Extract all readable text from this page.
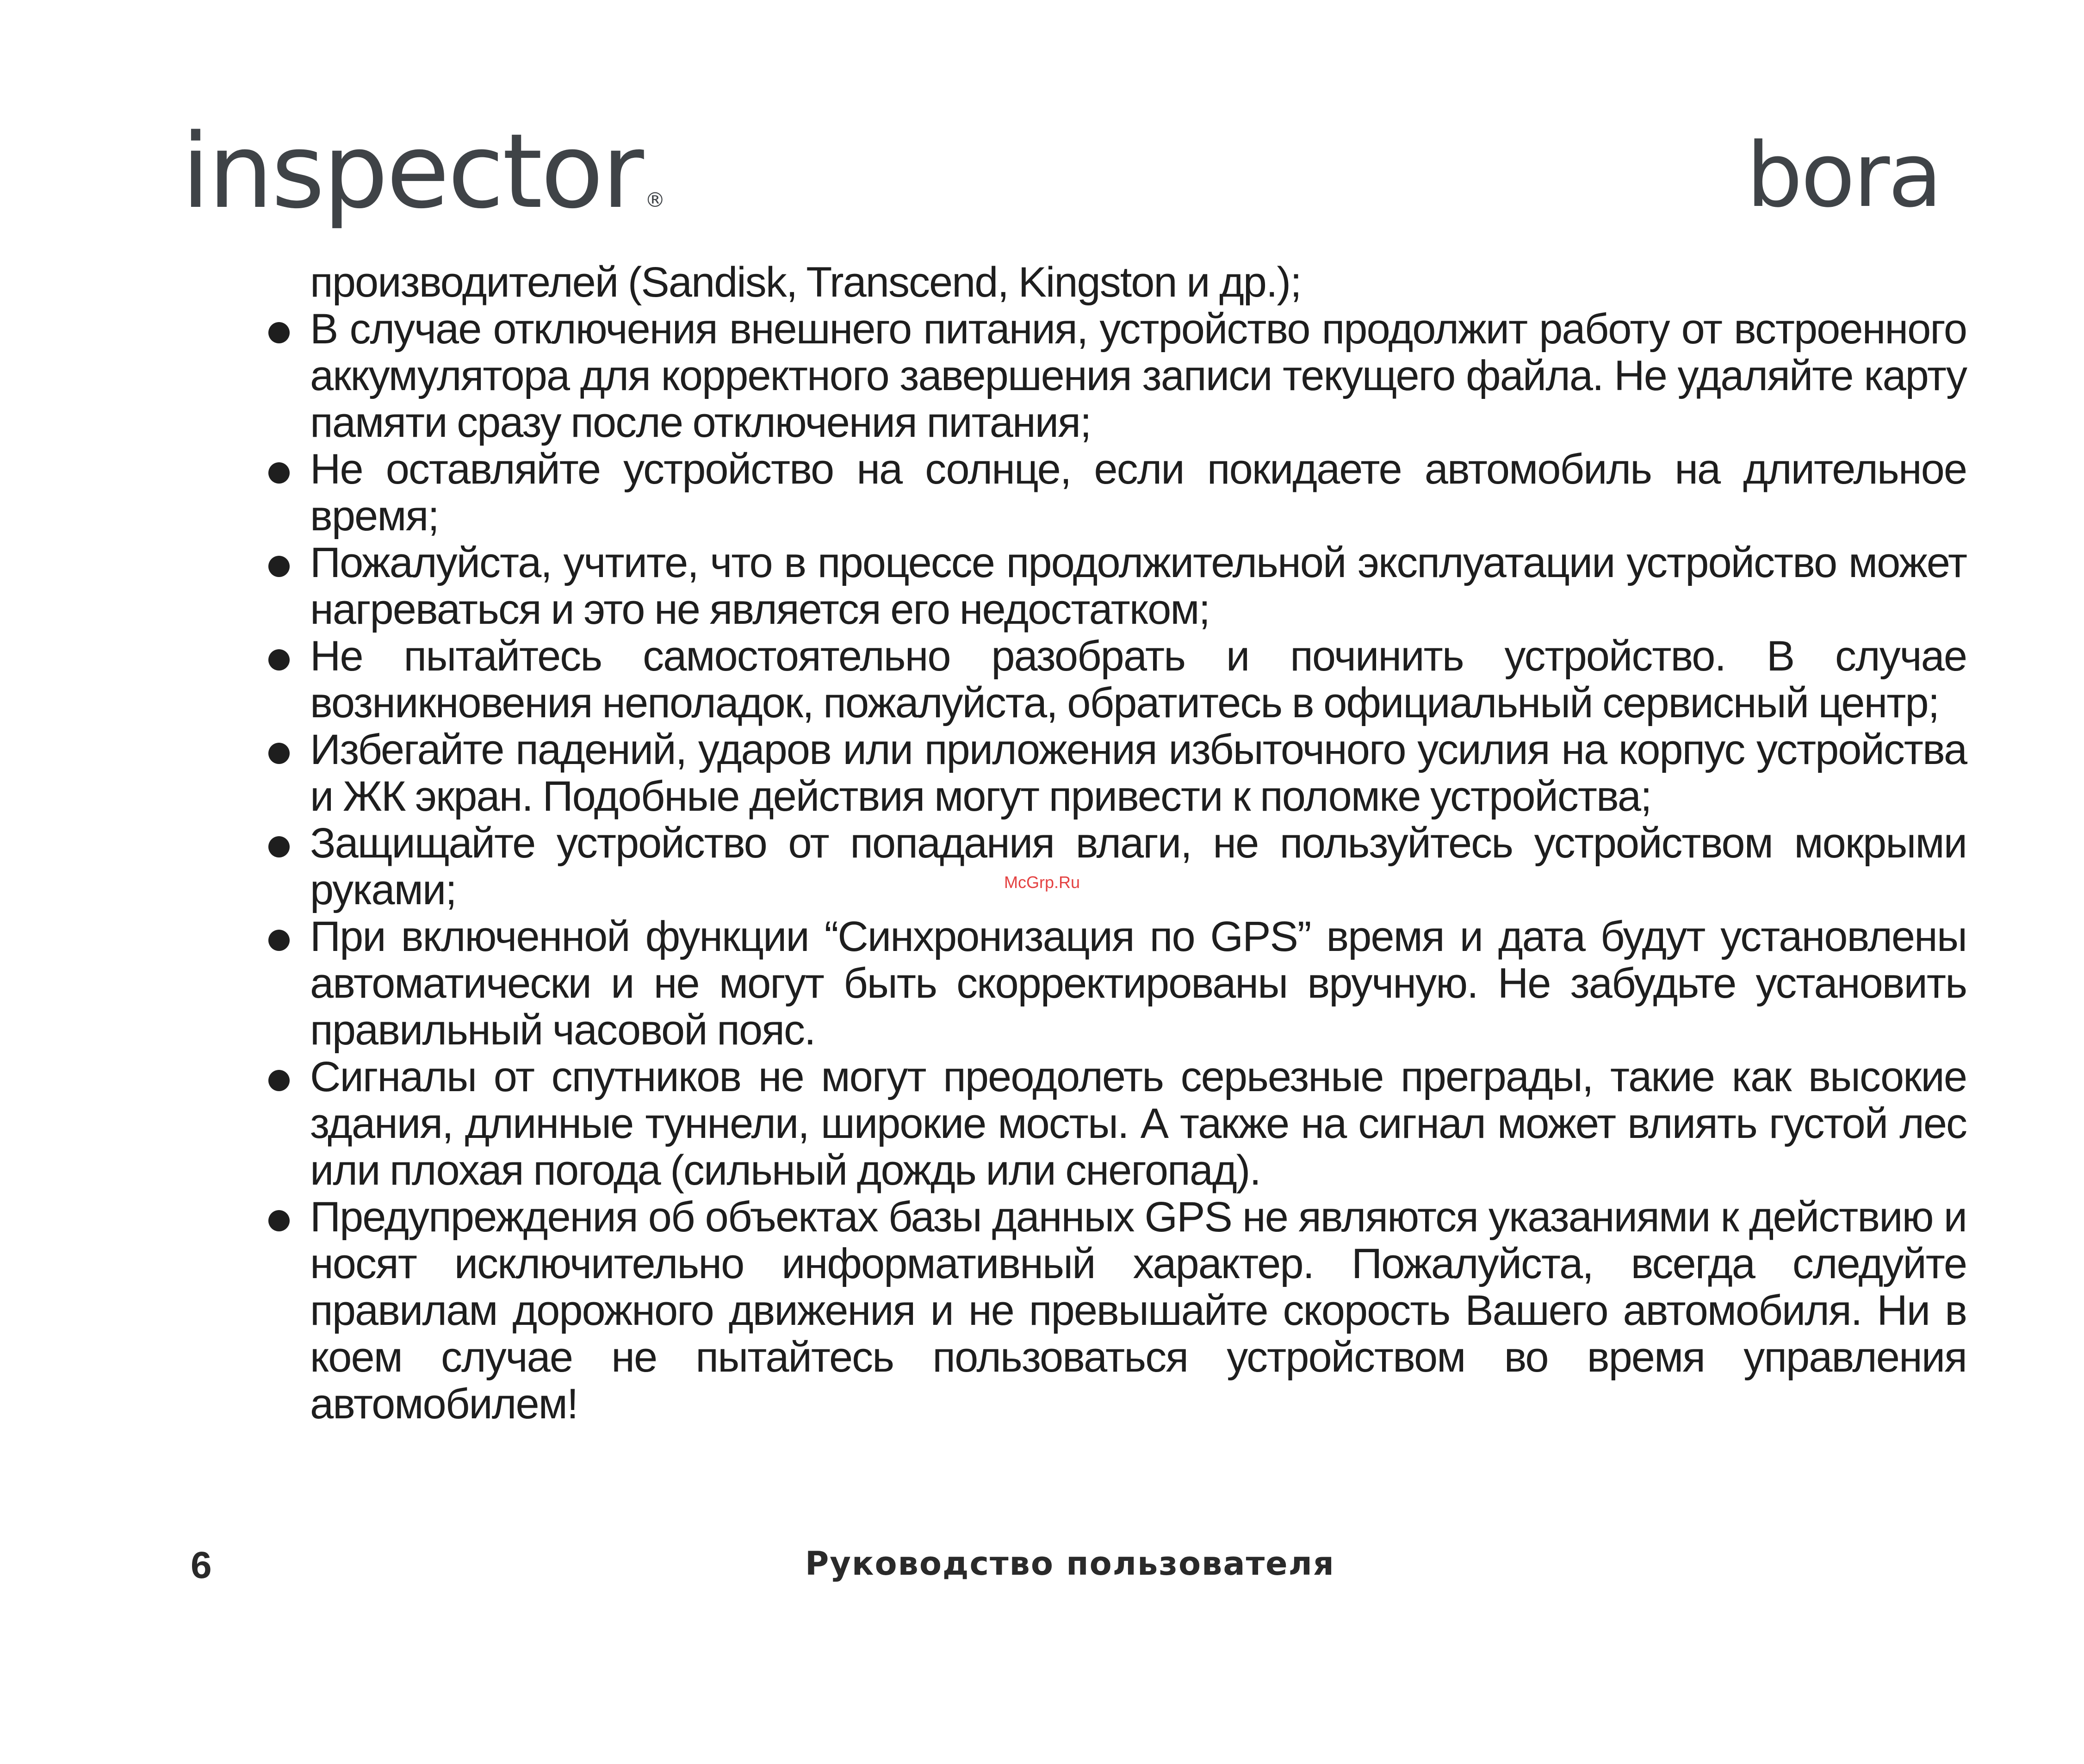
inspector ®	bora

производителей (Sandisk, Transcend, Kingston и др.);

В случае отключения внешнего питания, устройство продолжит работу от встроенного аккумулятора для корректного завершения записи текущего файла. Не удаляйте карту памяти сразу после отключения питания;
Не оставляйте устройство на солнце, если покидаете автомобиль на длительное время;
Пожалуйста, учтите, что в процессе продолжительной эксплуатации устройство может нагреваться и это не является его недостатком;
Не пытайтесь самостоятельно разобрать и починить устройство. В случае возникновения неполадок, пожалуйста, обратитесь в официальный сервисный центр;
Избегайте падений, ударов или приложения избыточного усилия на корпус устройства и ЖК экран. Подобные действия могут привести к поломке устройства;
Защищайте устройство от попадания влаги, не пользуйтесь устройством мокрыми руками;
При включенной функции “Синхронизация по GPS” время и дата будут установлены автоматически и не могут быть скорректированы вручную. Не забудьте установить правильный часовой пояс.
Сигналы от спутников не могут преодолеть серьезные преграды, такие как высокие здания, длинные туннели, широкие мосты. А также на сигнал может влиять густой лес или плохая погода (сильный дождь или снегопад).
Предупреждения об объектах базы данных GPS не являются указаниями к действию и носят исключительно информативный характер. Пожалуйста, всегда следуйте правилам дорожного движения и не превышайте скорость Вашего автомобиля. Ни в коем случае не пытайтесь пользоваться устройством во время управления автомобилем!
McGrp.Ru
6	Руководство пользователя
